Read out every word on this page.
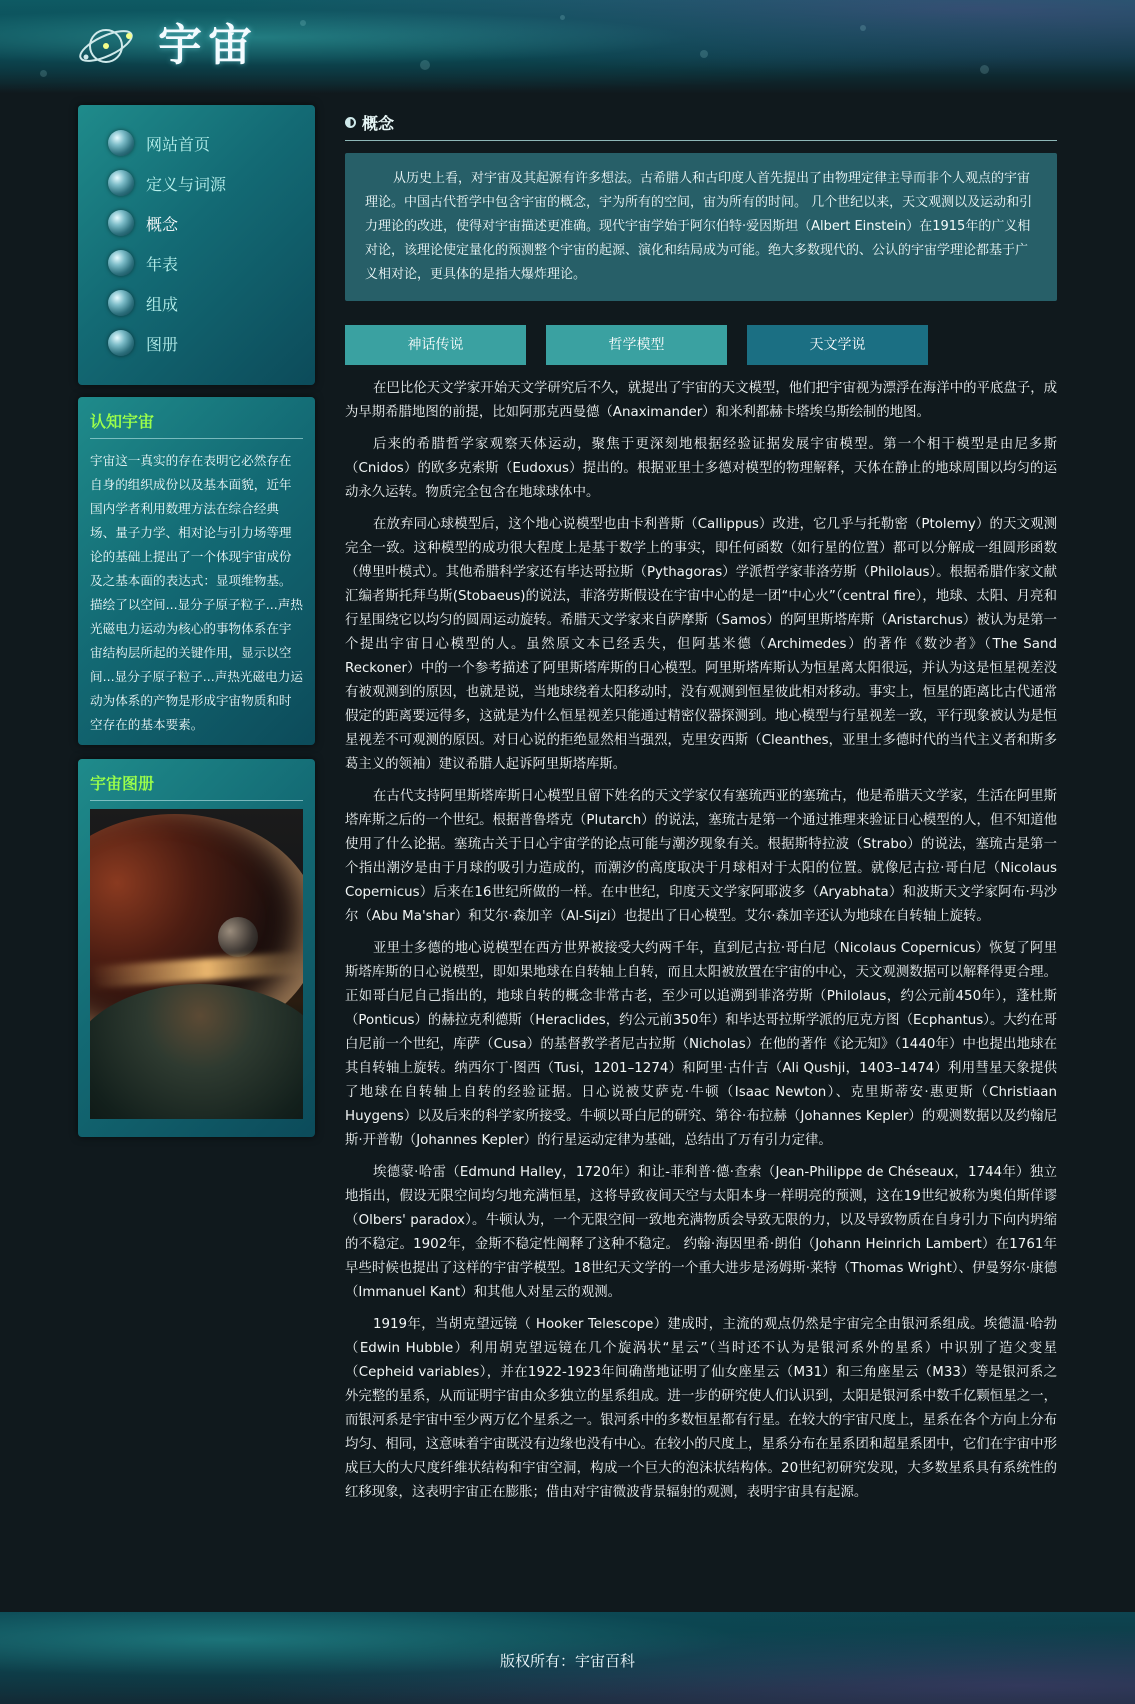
宇宙
网站首页
定义与词源
概念
年表
组成
图册
认知宇宙
宇宙这一真实的存在表明它必然存在自身的组织成份以及基本面貌，近年国内学者利用数理方法在综合经典场、量子力学、相对论与引力场等理论的基础上提出了一个体现宇宙成份及之基本面的表达式：显项维物基。描绘了以空间...显分子原子粒子...声热光磁电力运动为核心的事物体系在宇宙结构层所起的关键作用，显示以空间...显分子原子粒子...声热光磁电力运动为体系的产物是形成宇宙物质和时空存在的基本要素。
宇宙图册
概念
从历史上看，对宇宙及其起源有许多想法。古希腊人和古印度人首先提出了由物理定律主导而非个人观点的宇宙理论。中国古代哲学中包含宇宙的概念，宇为所有的空间，宙为所有的时间。 几个世纪以来，天文观测以及运动和引力理论的改进，使得对宇宙描述更准确。现代宇宙学始于阿尔伯特·爱因斯坦（Albert Einstein）在1915年的广义相对论，该理论使定量化的预测整个宇宙的起源、演化和结局成为可能。绝大多数现代的、公认的宇宙学理论都基于广义相对论，更具体的是指大爆炸理论。
神话传说	哲学模型	天文学说

在巴比伦天文学家开始天文学研究后不久，就提出了宇宙的天文模型，他们把宇宙视为漂浮在海洋中的平底盘子，成为早期希腊地图的前提，比如阿那克西曼德（Anaximander）和米利都赫卡塔埃乌斯绘制的地图。

后来的希腊哲学家观察天体运动，聚焦于更深刻地根据经验证据发展宇宙模型。第一个相干模型是由尼多斯（Cnidos）的欧多克索斯（Eudoxus）提出的。根据亚里士多德对模型的物理解释，天体在静止的地球周围以均匀的运动永久运转。物质完全包含在地球球体中。

在放弃同心球模型后，这个地心说模型也由卡利普斯（Callippus）改进，它几乎与托勒密（Ptolemy）的天文观测完全一致。这种模型的成功很大程度上是基于数学上的事实，即任何函数（如行星的位置）都可以分解成一组圆形函数（傅里叶模式）。其他希腊科学家还有毕达哥拉斯（Pythagoras）学派哲学家菲洛劳斯（Philolaus）。根据希腊作家文献汇编者斯托拜乌斯(Stobaeus)的说法，菲洛劳斯假设在宇宙中心的是一团“中心火”（central fire），地球、太阳、月亮和行星围绕它以均匀的圆周运动旋转。希腊天文学家来自萨摩斯（Samos）的阿里斯塔库斯（Aristarchus）被认为是第一个提出宇宙日心模型的人。虽然原文本已经丢失，但阿基米德（Archimedes）的著作《数沙者》（The Sand Reckoner）中的一个参考描述了阿里斯塔库斯的日心模型。阿里斯塔库斯认为恒星离太阳很远，并认为这是恒星视差没有被观测到的原因，也就是说，当地球绕着太阳移动时，没有观测到恒星彼此相对移动。事实上，恒星的距离比古代通常假定的距离要远得多，这就是为什么恒星视差只能通过精密仪器探测到。地心模型与行星视差一致，平行现象被认为是恒星视差不可观测的原因。对日心说的拒绝显然相当强烈，克里安西斯（Cleanthes，亚里士多德时代的当代主义者和斯多葛主义的领袖）建议希腊人起诉阿里斯塔库斯。

在古代支持阿里斯塔库斯日心模型且留下姓名的天文学家仅有塞琉西亚的塞琉古，他是希腊天文学家，生活在阿里斯塔库斯之后的一个世纪。根据普鲁塔克（Plutarch）的说法，塞琉古是第一个通过推理来验证日心模型的人，但不知道他使用了什么论据。塞琉古关于日心宇宙学的论点可能与潮汐现象有关。根据斯特拉波（Strabo）的说法，塞琉古是第一个指出潮汐是由于月球的吸引力造成的，而潮汐的高度取决于月球相对于太阳的位置。就像尼古拉·哥白尼（Nicolaus Copernicus）后来在16世纪所做的一样。在中世纪，印度天文学家阿耶波多（Aryabhata）和波斯天文学家阿布·玛沙尔（Abu Ma'shar）和艾尔·森加辛（Al-Sijzi）也提出了日心模型。艾尔·森加辛还认为地球在自转轴上旋转。

亚里士多德的地心说模型在西方世界被接受大约两千年，直到尼古拉·哥白尼（Nicolaus Copernicus）恢复了阿里斯塔库斯的日心说模型，即如果地球在自转轴上自转，而且太阳被放置在宇宙的中心，天文观测数据可以解释得更合理。正如哥白尼自己指出的，地球自转的概念非常古老，至少可以追溯到菲洛劳斯（Philolaus，约公元前450年），蓬杜斯（Ponticus）的赫拉克利德斯（Heraclides，约公元前350年）和毕达哥拉斯学派的厄克方图（Ecphantus）。大约在哥白尼前一个世纪，库萨（Cusa）的基督教学者尼古拉斯（Nicholas）在他的著作《论无知》（1440年）中也提出地球在其自转轴上旋转。纳西尔丁·图西（Tusi，1201–1274）和阿里·古什吉（Ali Qushji，1403–1474）利用彗星天象提供了地球在自转轴上自转的经验证据。日心说被艾萨克·牛顿（Isaac Newton）、克里斯蒂安·惠更斯（Christiaan Huygens）以及后来的科学家所接受。牛顿以哥白尼的研究、第谷·布拉赫（Johannes Kepler）的观测数据以及约翰尼斯·开普勒（Johannes Kepler）的行星运动定律为基础，总结出了万有引力定律。

埃德蒙·哈雷（Edmund Halley，1720年）和让-菲利普·德·查索（Jean-Philippe de Chéseaux，1744年）独立地指出，假设无限空间均匀地充满恒星，这将导致夜间天空与太阳本身一样明亮的预测，这在19世纪被称为奥伯斯佯谬（Olbers' paradox）。牛顿认为，一个无限空间一致地充满物质会导致无限的力，以及导致物质在自身引力下向内坍缩的不稳定。1902年，金斯不稳定性阐释了这种不稳定。 约翰·海因里希·朗伯（Johann Heinrich Lambert）在1761年早些时候也提出了这样的宇宙学模型。18世纪天文学的一个重大进步是汤姆斯·莱特（Thomas Wright）、伊曼努尔·康德（Immanuel Kant）和其他人对星云的观测。

1919年，当胡克望远镜（ Hooker Telescope）建成时，主流的观点仍然是宇宙完全由银河系组成。埃德温·哈勃（Edwin Hubble）利用胡克望远镜在几个旋涡状“星云”（当时还不认为是银河系外的星系）中识别了造父变星（Cepheid variables），并在1922-1923年间确凿地证明了仙女座星云（M31）和三角座星云（M33）等是银河系之外完整的星系，从而证明宇宙由众多独立的星系组成。进一步的研究使人们认识到，太阳是银河系中数千亿颗恒星之一，而银河系是宇宙中至少两万亿个星系之一。银河系中的多数恒星都有行星。在较大的宇宙尺度上，星系在各个方向上分布均匀、相同，这意味着宇宙既没有边缘也没有中心。在较小的尺度上，星系分布在星系团和超星系团中，它们在宇宙中形成巨大的大尺度纤维状结构和宇宙空洞，构成一个巨大的泡沫状结构体。20世纪初研究发现，大多数星系具有系统性的红移现象，这表明宇宙正在膨胀；借由对宇宙微波背景辐射的观测，表明宇宙具有起源。

版权所有：宇宙百科
